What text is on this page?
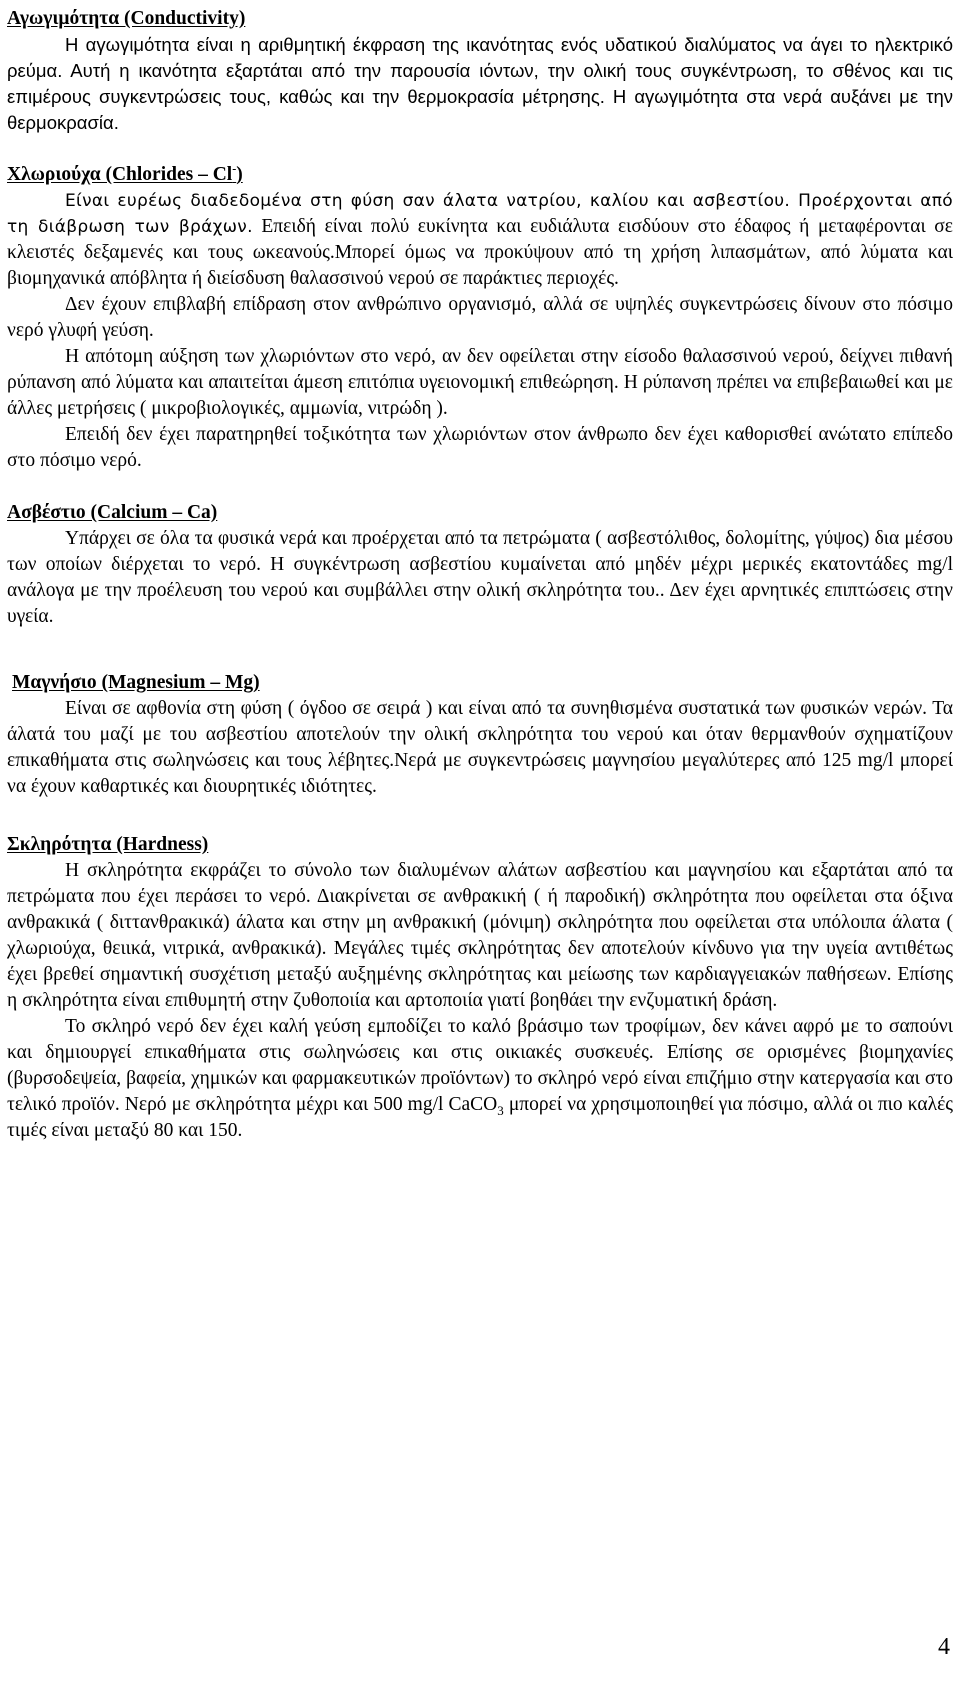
Αγωγιμότητα (Conductivity)

Η αγωγιμότητα είναι η αριθμητική έκφραση της ικανότητας ενός υδατικού διαλύματος να άγει το ηλεκτρικό ρεύμα. Αυτή η ικανότητα εξαρτάται από την παρουσία ιόντων, την ολική τους συγκέντρωση, το σθένος και τις επιμέρους συγκεντρώσεις τους, καθώς και την θερμοκρασία μέτρησης. Η αγωγιμότητα στα νερά αυξάνει με την θερμοκρασία.

Χλωριούχα (Chlorides – Cl-)

Είναι ευρέως διαδεδομένα στη φύση σαν άλατα νατρίου, καλίου και ασβεστίου. Προέρχονται από τη διάβρωση των βράχων. Επειδή είναι πολύ ευκίνητα και ευδιάλυτα εισδύουν στο έδαφος ή μεταφέρονται σε κλειστές δεξαμενές και τους ωκεανούς.Μπορεί όμως να προκύψουν από τη χρήση λιπασμάτων, από λύματα και βιομηχανικά απόβλητα ή διείσδυση θαλασσινού νερού σε παράκτιες περιοχές.

Δεν έχουν επιβλαβή επίδραση στον ανθρώπινο οργανισμό, αλλά σε υψηλές συγκεντρώσεις δίνουν στο πόσιμο νερό γλυφή γεύση.

Η απότομη αύξηση των χλωριόντων στο νερό, αν δεν οφείλεται στην είσοδο θαλασσινού νερού, δείχνει πιθανή ρύπανση από λύματα και απαιτείται άμεση επιτόπια υγειονομική επιθεώρηση. Η ρύπανση πρέπει να επιβεβαιωθεί και με άλλες μετρήσεις ( μικροβιολογικές, αμμωνία, νιτρώδη ).

Επειδή δεν έχει παρατηρηθεί τοξικότητα των χλωριόντων στον άνθρωπο δεν έχει καθορισθεί ανώτατο επίπεδο στο πόσιμο νερό.

Ασβέστιο (Calcium – Ca)

Υπάρχει σε όλα τα φυσικά νερά και προέρχεται από τα πετρώματα ( ασβεστόλιθος, δολομίτης, γύψος) δια μέσου των οποίων διέρχεται το νερό. Η συγκέντρωση ασβεστίου κυμαίνεται από μηδέν μέχρι μερικές εκατοντάδες mg/l ανάλογα με την προέλευση του νερού και συμβάλλει στην ολική σκληρότητα του.. Δεν έχει αρνητικές επιπτώσεις στην υγεία.

Μαγνήσιο (Magnesium – Mg)

Είναι σε αφθονία στη φύση ( όγδοο σε σειρά ) και είναι από τα συνηθισμένα συστατικά των φυσικών νερών. Τα άλατά του μαζί με του ασβεστίου αποτελούν την ολική σκληρότητα του νερού και όταν θερμανθούν σχηματίζουν επικαθήματα στις σωληνώσεις και τους λέβητες.Νερά με συγκεντρώσεις μαγνησίου μεγαλύτερες από 125 mg/l μπορεί να έχουν καθαρτικές και διουρητικές ιδιότητες.

Σκληρότητα (Hardness)

Η σκληρότητα εκφράζει το σύνολο των διαλυμένων αλάτων ασβεστίου και μαγνησίου και εξαρτάται από τα πετρώματα που έχει περάσει το νερό. Διακρίνεται σε ανθρακική ( ή παροδική) σκληρότητα που οφείλεται στα όξινα ανθρακικά ( διττανθρακικά) άλατα και στην μη ανθρακική (μόνιμη) σκληρότητα που οφείλεται στα υπόλοιπα άλατα ( χλωριούχα, θειικά, νιτρικά, ανθρακικά). Μεγάλες τιμές σκληρότητας δεν αποτελούν κίνδυνο για την υγεία αντιθέτως έχει βρεθεί σημαντική συσχέτιση μεταξύ αυξημένης σκληρότητας και μείωσης των καρδιαγγειακών παθήσεων. Επίσης η σκληρότητα είναι επιθυμητή στην ζυθοποιία και αρτοποιία γιατί βοηθάει την ενζυματική δράση.

Το σκληρό νερό δεν έχει καλή γεύση εμποδίζει το καλό βράσιμο των τροφίμων, δεν κάνει αφρό με το σαπούνι και δημιουργεί επικαθήματα στις σωληνώσεις και στις οικιακές συσκευές. Επίσης σε ορισμένες βιομηχανίες (βυρσοδεψεία, βαφεία, χημικών και φαρμακευτικών προϊόντων) το σκληρό νερό είναι επιζήμιο στην κατεργασία και στο τελικό προϊόν. Νερό με σκληρότητα μέχρι και 500 mg/l CaCO$_3$ μπορεί να χρησιμοποιηθεί για πόσιμο, αλλά οι πιο καλές τιμές είναι μεταξύ 80 και 150.

4
